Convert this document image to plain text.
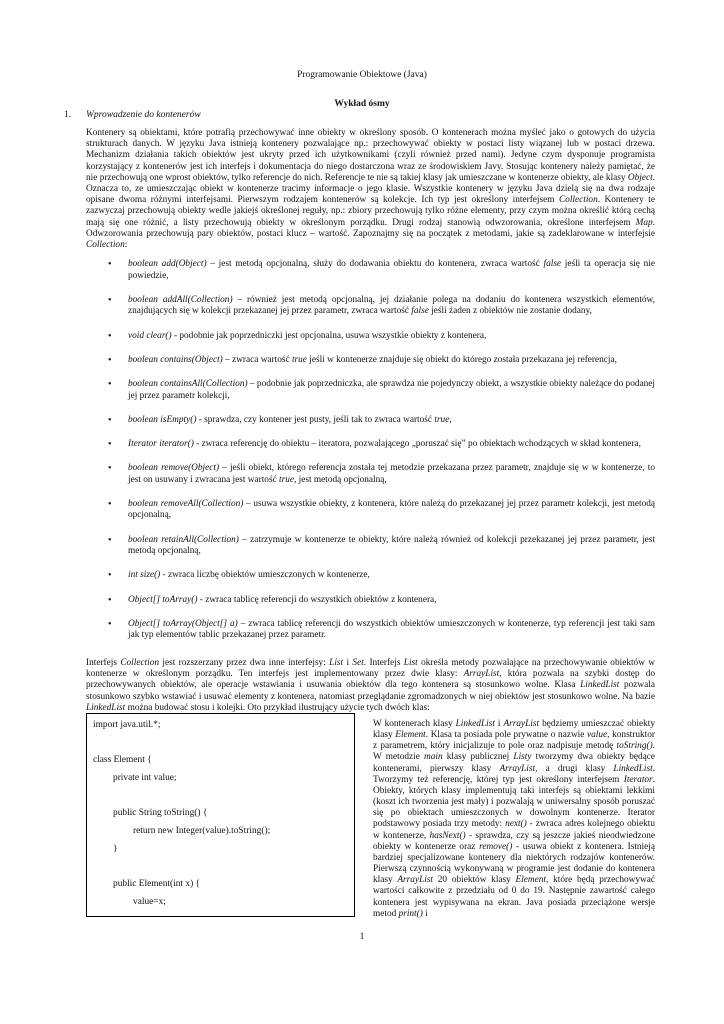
Programowanie Obiektowe (Java)
Wykład ósmy
1. Wprowadzenie do kontenerów

Kontenery są obiektami, które potrafią przechowywać inne obiekty w określony sposób. O kontenerach można myśleć jako o gotowych do użycia strukturach danych. W języku Java istnieją kontenery pozwalające np.: przechowywać obiekty w postaci listy wiązanej lub w postaci drzewa. Mechanizm działania takich obiektów jest ukryty przed ich użytkownikami (czyli również przed nami). Jedyne czym dysponuje programista korzystający z kontenerów jest ich interfejs i dokumentacja do niego dostarczona wraz ze środowiskiem Javy. Stosując kontenery należy pamiętać, że nie przechowują one wprost obiektów, tylko referencje do nich. Referencje te nie są takiej klasy jak umieszczane w kontenerze obiekty, ale klasy Object. Oznacza to, ze umieszczając obiekt w kontenerze tracimy informacje o jego klasie. Wszystkie kontenery w języku Java dzielą się na dwa rodzaje opisane dwoma różnymi interfejsami. Pierwszym rodzajem kontenerów są kolekcje. Ich typ jest określony interfejsem Collection. Kontenery te zazwyczaj przechowują obiekty wedle jakiejś określonej reguły, np.: zbiory przechowują tylko różne elementy, przy czym można określić którą cechą mają się one różnić, a listy przechowują obiekty w określonym porządku. Drugi rodzaj stanowią odwzorowania, określone interfejsem Map. Odwzorowania przechowują pary obiektów, postaci klucz – wartość. Zapoznajmy się na początek z metodami, jakie są zadeklarowane w interfejsie Collection:

• boolean add(Object) – jest metodą opcjonalną, służy do dodawania obiektu do kontenera, zwraca wartość false jeśli ta operacja się nie powiedzie,
• boolean addAll(Collection) – również jest metodą opcjonalną, jej działanie polega na dodaniu do kontenera wszystkich elementów, znajdujących się w kolekcji przekazanej jej przez parametr, zwraca wartość false jeśli żaden z obiektów nie zostanie dodany,
• void clear() - podobnie jak poprzedniczki jest opcjonalna, usuwa wszystkie obiekty z kontenera,
• boolean contains(Object) – zwraca wartość true jeśli w kontenerze znajduje się obiekt do którego została przekazana jej referencja,
• boolean containsAll(Collection) – podobnie jak poprzedniczka, ale sprawdza nie pojedynczy obiekt, a wszystkie obiekty należące do podanej jej przez parametr kolekcji,
• boolean isEmpty() - sprawdza, czy kontener jest pusty, jeśli tak to zwraca wartość true,
• Iterator iterator() - zwraca referencję do obiektu – iteratora, pozwalającego „poruszać się” po obiektach wchodzących w skład kontenera,
• boolean remove(Object) – jeśli obiekt, którego referencja została tej metodzie przekazana przez parametr, znajduje się w w kontenerze, to jest on usuwany i zwracana jest wartość true, jest metodą opcjonalną,
• boolean removeAll(Collection) – usuwa wszystkie obiekty, z kontenera, które należą do przekazanej jej przez parametr kolekcji, jest metodą opcjonalną,
• boolean retainAll(Collection) – zatrzymuje w kontenerze te obiekty, które należą również od kolekcji przekazanej jej przez parametr, jest metodą opcjonalną,
• int size() - zwraca liczbę obiektów umieszczonych w kontenerze,
• Object[] toArray() - zwraca tablicę referencji do wszystkich obiektów z kontenera,
• Object[] toArray(Object[] a) – zwraca tablicę referencji do wszystkich obiektów umieszczonych w kontenerze, typ referencji jest taki sam jak typ elementów tablic przekazanej przez parametr.

Interfejs Collection jest rozszerzany przez dwa inne interfejsy: List i Set. Interfejs List określa metody pozwalające na przechowywanie obiektów w kontenerze w określonym porządku. Ten interfejs jest implementowany przez dwie klasy: ArrayList, która pozwala na szybki dostęp do przechowywanych obiektów, ale operacje wstawiania i usuwania obiektów dla tego kontenera są stosunkowo wolne. Klasa LinkedList pozwala stosunkowo szybko wstawiać i usuwać elementy z kontenera, natomiast przeglądanie zgromadzonych w niej obiektów jest stosunkowo wolne. Na bazie LinkedList można budować stosu i kolejki. Oto przykład ilustrujący użycie tych dwóch klas:

import java.util.*;
class Element {
private int value;
public String toString() {
return new Integer(value).toString();
}
public Element(int x) {
value=x;

W kontenerach klasy LinkedList i ArrayList będziemy umieszczać obiekty klasy Element. Klasa ta posiada pole prywatne o nazwie value, konstruktor z parametrem, który inicjalizuje to pole oraz nadpisuje metodę toString(). W metodzie main klasy publicznej Listy tworzymy dwa obiekty będące kontenerami, pierwszy klasy ArrayList, a drugi klasy LinkedList. Tworzymy też referencję, której typ jest określony interfejsem Iterator. Obiekty, których klasy implementują taki interfejs są obiektami lekkimi (koszt ich tworzenia jest mały) i pozwalają w uniwersalny sposób poruszać się po obiektach umieszczonych w dowolnym kontenerze. Iterator podstawowy posiada trzy metody: next() - zwraca adres kolejnego obiektu w kontenerze, hasNext() - sprawdza, czy są jeszcze jakieś nieodwiedzone obiekty w kontenerze oraz remove() - usuwa obiekt z kontenera. Istnieją bardziej specjalizowane kontenery dla niektórych rodzajów kontenerów. Pierwszą czynnością wykonywaną w programie jest dodanie do kontenera klasy ArrayList 20 obiektów klasy Element, które będą przechowywać wartości całkowite z przedziału od 0 do 19. Następnie zawartość całego kontenera jest wypisywana na ekran. Java posiada przeciążone wersje metod print() i

1
